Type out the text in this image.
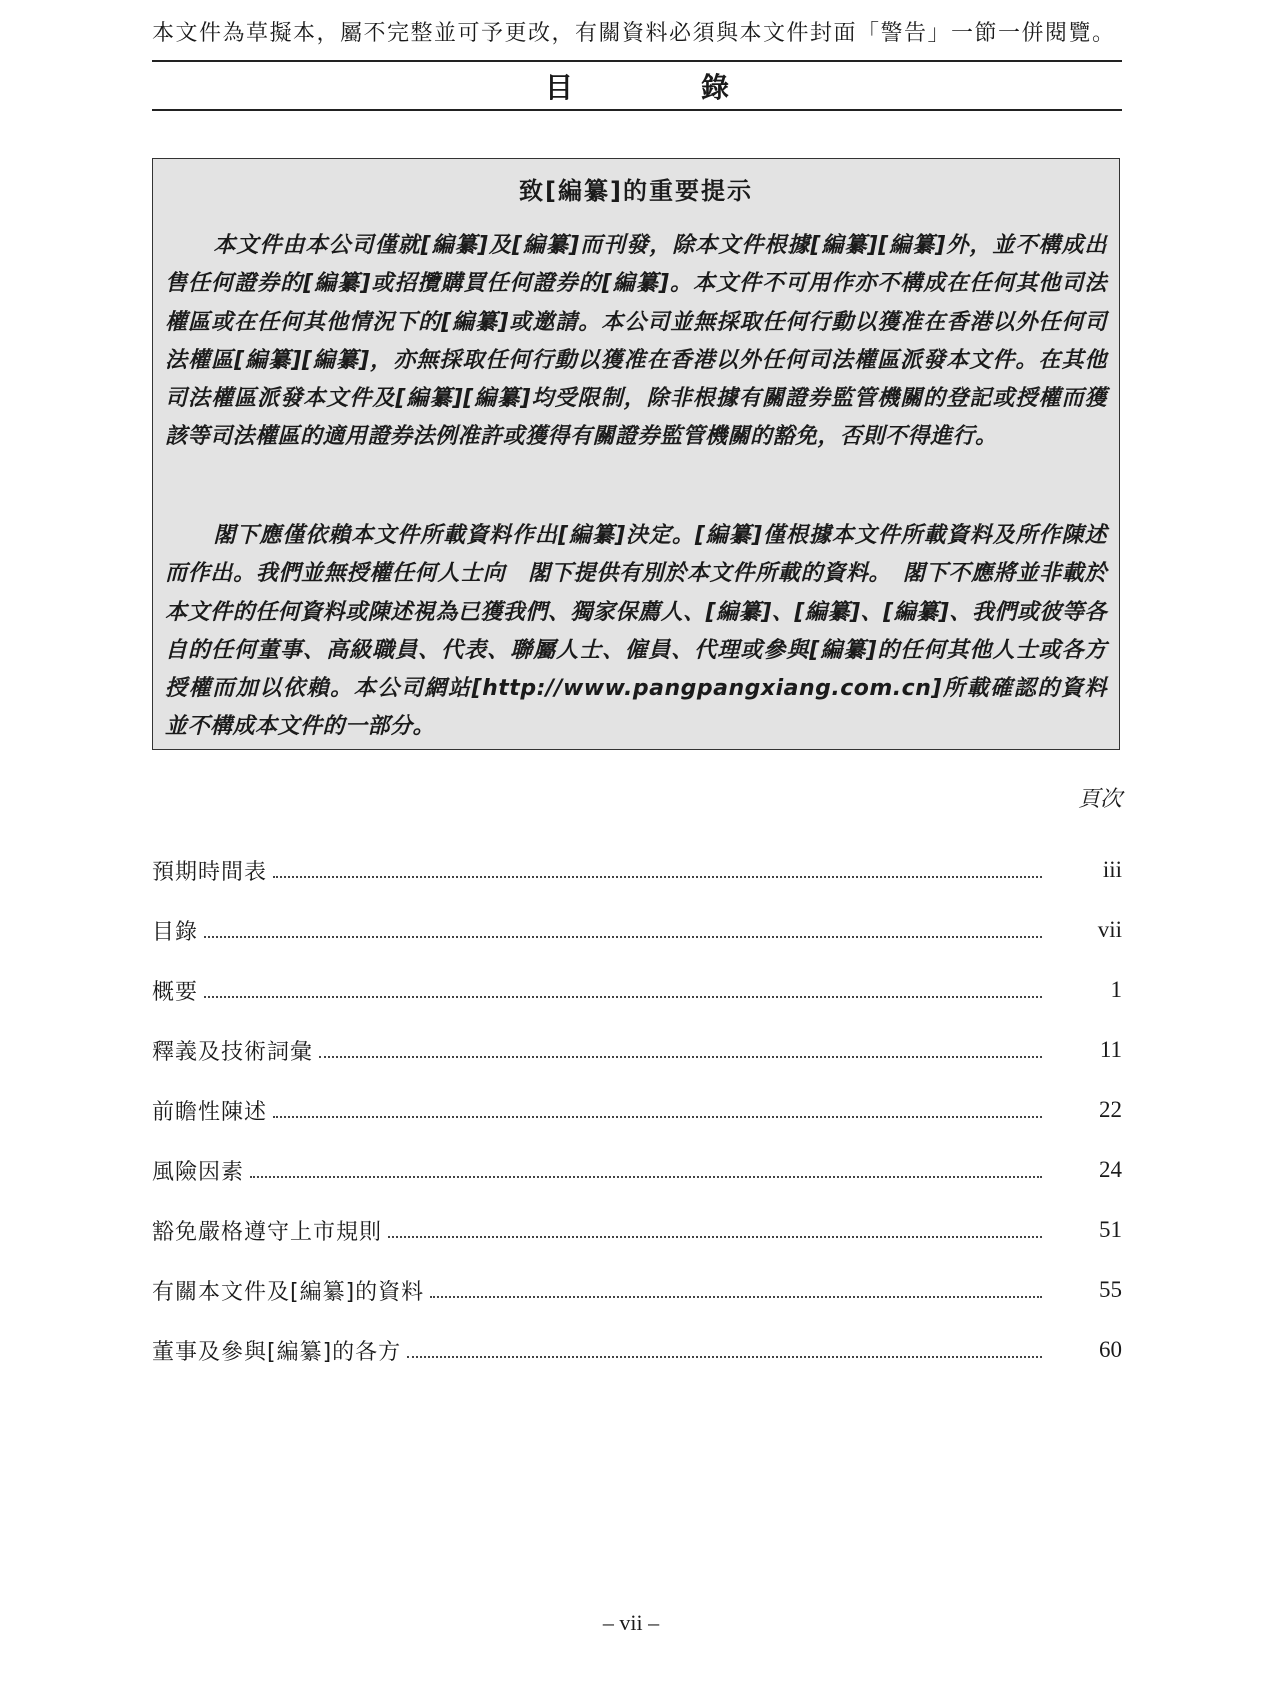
本文件為草擬本，屬不完整並可予更改，有關資料必須與本文件封面「警告」一節一併閱覽。
目　錄
致[編纂]的重要提示
本文件由本公司僅就[編纂]及[編纂]而刊發，除本文件根據[編纂][編纂]外，並不構成出售任何證券的[編纂]或招攬購買任何證券的[編纂]。本文件不可用作亦不構成在任何其他司法權區或在任何其他情況下的[編纂]或邀請。本公司並無採取任何行動以獲准在香港以外任何司法權區[編纂][編纂]，亦無採取任何行動以獲准在香港以外任何司法權區派發本文件。在其他司法權區派發本文件及[編纂][編纂]均受限制，除非根據有關證券監管機關的登記或授權而獲該等司法權區的適用證券法例准許或獲得有關證券監管機關的豁免，否則不得進行。
閣下應僅依賴本文件所載資料作出[編纂]決定。[編纂]僅根據本文件所載資料及所作陳述而作出。我們並無授權任何人士向　閣下提供有別於本文件所載的資料。　閣下不應將並非載於本文件的任何資料或陳述視為已獲我們、獨家保薦人、[編纂]、[編纂]、[編纂]、我們或彼等各自的任何董事、高級職員、代表、聯屬人士、僱員、代理或參與[編纂]的任何其他人士或各方授權而加以依賴。本公司網站[http://www.pangpangxiang.com.cn]所載確認的資料並不構成本文件的一部分。
頁次
預期時間表	iii
目錄	vii
概要	1
釋義及技術詞彙	11
前瞻性陳述	22
風險因素	24
豁免嚴格遵守上市規則	51
有關本文件及[編纂]的資料	55
董事及參與[編纂]的各方	60
– vii –
